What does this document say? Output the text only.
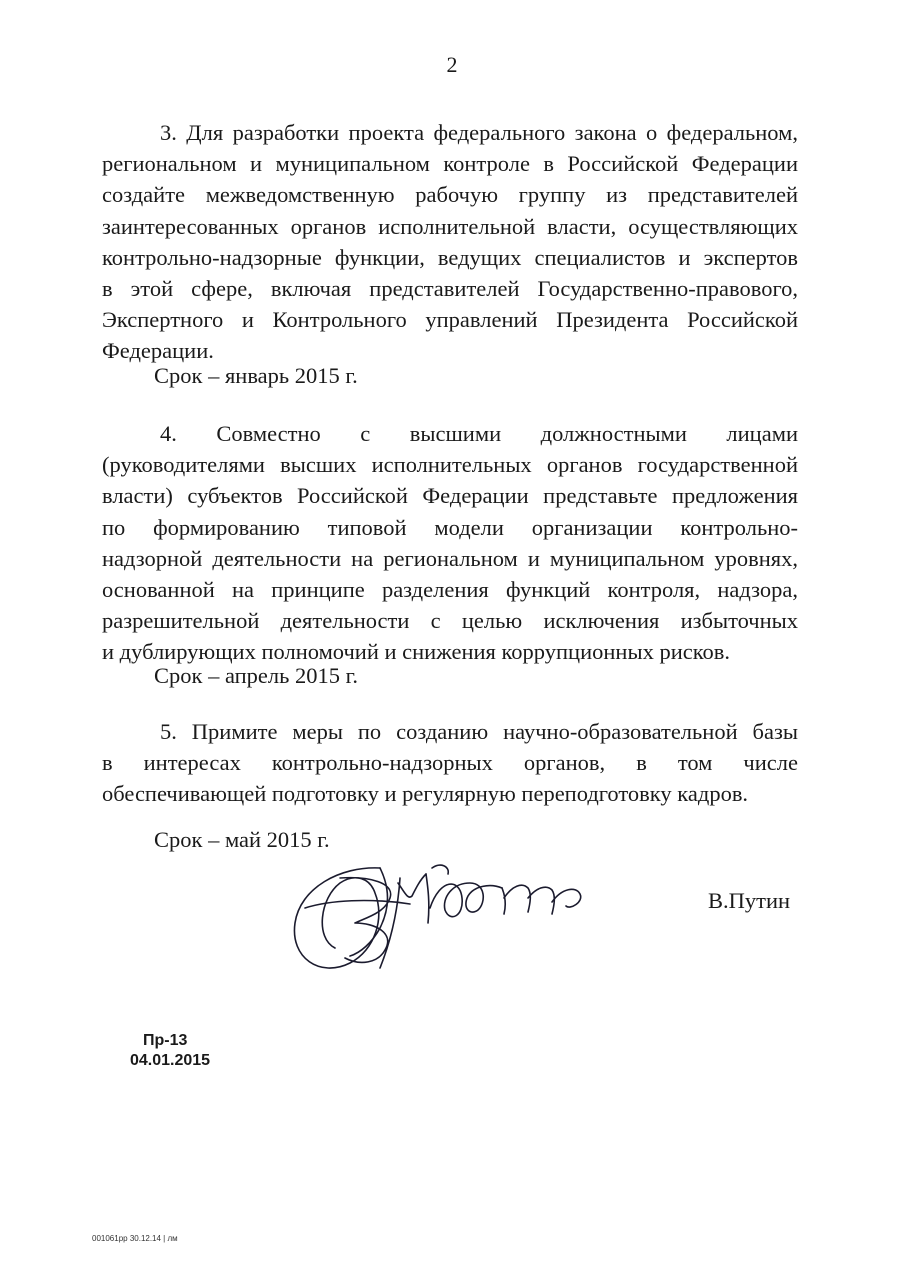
2
3. Для разработки проекта федерального закона о федеральном,
региональном и муниципальном контроле в Российской Федерации
создайте межведомственную рабочую группу из представителей
заинтересованных органов исполнительной власти, осуществляющих
контрольно-надзорные функции, ведущих специалистов и экспертов
в этой сфере, включая представителей Государственно-правового,
Экспертного и Контрольного управлений Президента Российской
Федерации.
Срок – январь 2015 г.
4. Совместно с высшими должностными лицами
(руководителями высших исполнительных органов государственной
власти) субъектов Российской Федерации представьте предложения
по формированию типовой модели организации контрольно-
надзорной деятельности на региональном и муниципальном уровнях,
основанной на принципе разделения функций контроля, надзора,
разрешительной деятельности с целью исключения избыточных
и дублирующих полномочий и снижения коррупционных рисков.
Срок – апрель 2015 г.
5. Примите меры по созданию научно-образовательной базы
в интересах контрольно-надзорных органов, в том числе
обеспечивающей подготовку и регулярную переподготовку кадров.
Срок – май 2015 г.
В.Путин
Пр-13
04.01.2015
001061рр 30.12.14 | лм
